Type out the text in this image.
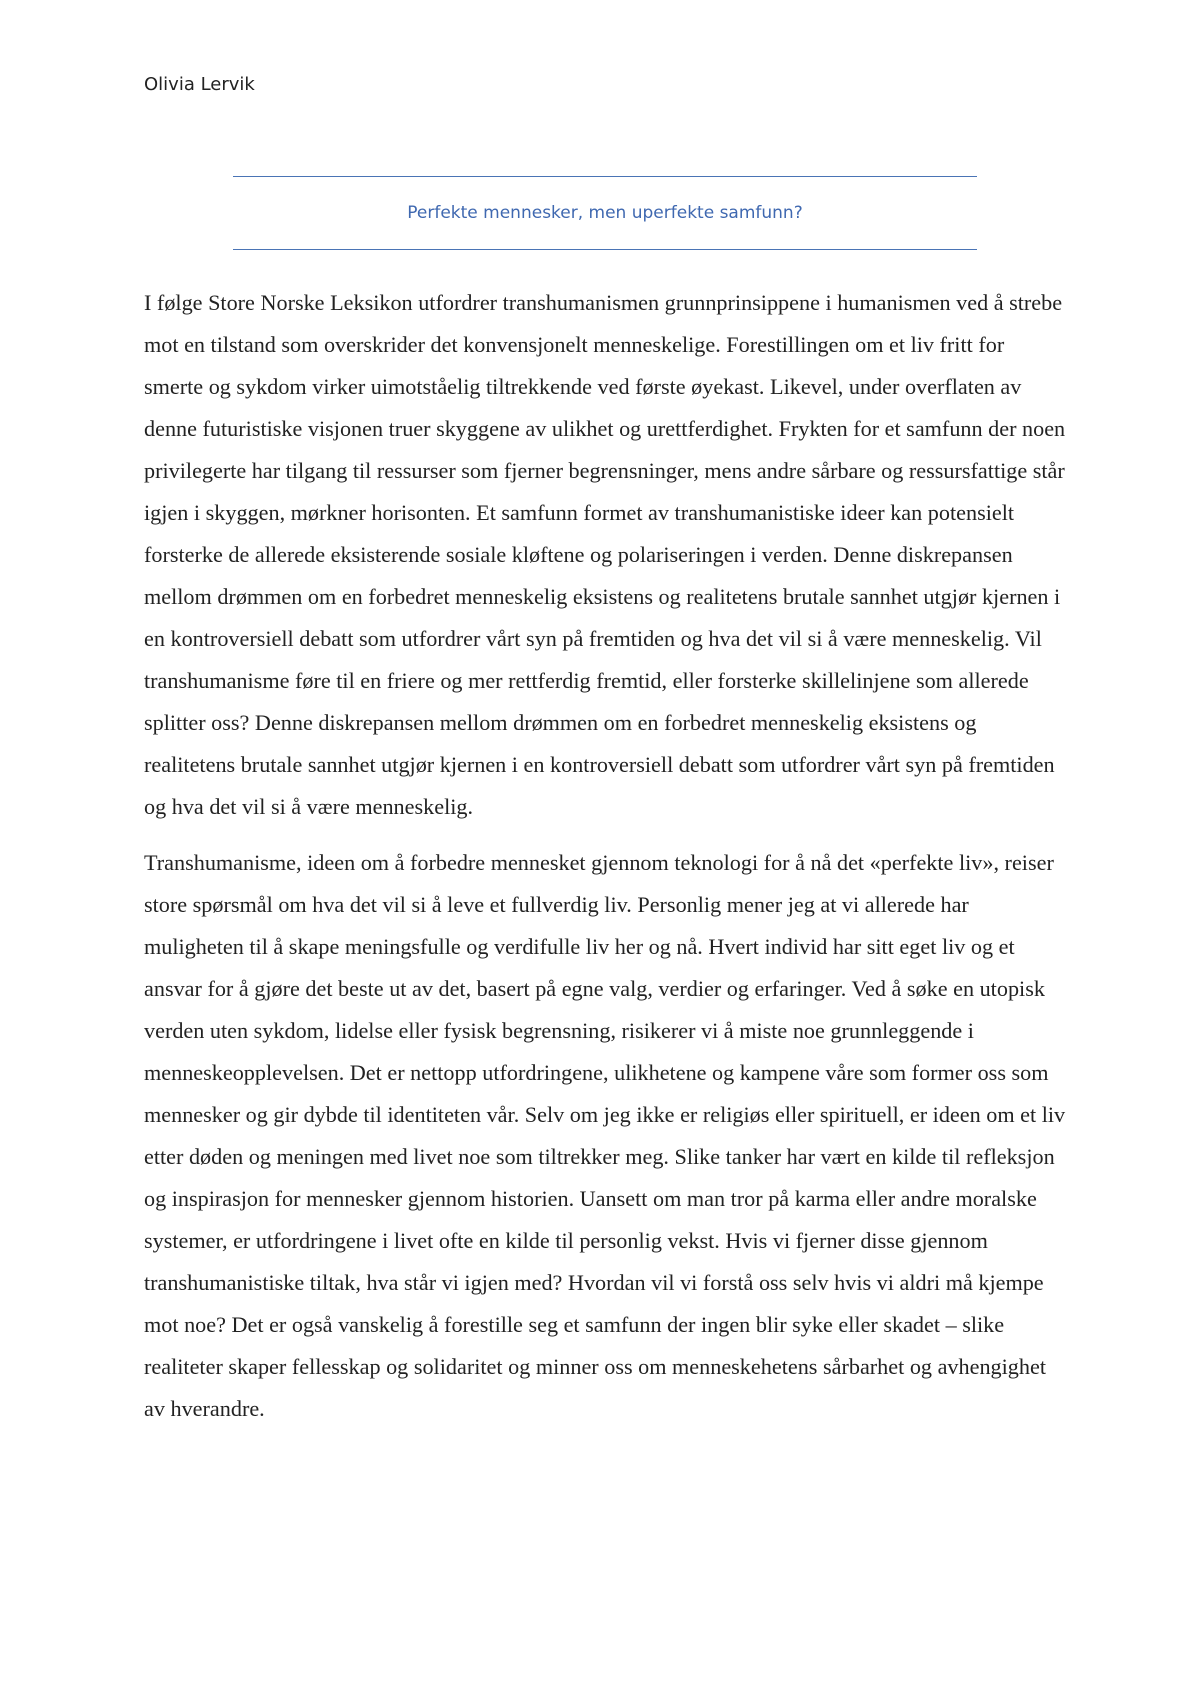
Olivia Lervik
Perfekte mennesker, men uperfekte samfunn?

I følge Store Norske Leksikon utfordrer transhumanismen grunnprinsippene i humanismen ved å strebe mot en tilstand som overskrider det konvensjonelt menneskelige. Forestillingen om et liv fritt for smerte og sykdom virker uimotståelig tiltrekkende ved første øyekast. Likevel, under overflaten av denne futuristiske visjonen truer skyggene av ulikhet og urettferdighet. Frykten for et samfunn der noen privilegerte har tilgang til ressurser som fjerner begrensninger, mens andre sårbare og ressursfattige står igjen i skyggen, mørkner horisonten. Et samfunn formet av transhumanistiske ideer kan potensielt forsterke de allerede eksisterende sosiale kløftene og polariseringen i verden. Denne diskrepansen mellom drømmen om en forbedret menneskelig eksistens og realitetens brutale sannhet utgjør kjernen i en kontroversiell debatt som utfordrer vårt syn på fremtiden og hva det vil si å være menneskelig. Vil transhumanisme føre til en friere og mer rettferdig fremtid, eller forsterke skillelinjene som allerede splitter oss? Denne diskrepansen mellom drømmen om en forbedret menneskelig eksistens og realitetens brutale sannhet utgjør kjernen i en kontroversiell debatt som utfordrer vårt syn på fremtiden og hva det vil si å være menneskelig.

Transhumanisme, ideen om å forbedre mennesket gjennom teknologi for å nå det «perfekte liv», reiser store spørsmål om hva det vil si å leve et fullverdig liv. Personlig mener jeg at vi allerede har muligheten til å skape meningsfulle og verdifulle liv her og nå. Hvert individ har sitt eget liv og et ansvar for å gjøre det beste ut av det, basert på egne valg, verdier og erfaringer. Ved å søke en utopisk verden uten sykdom, lidelse eller fysisk begrensning, risikerer vi å miste noe grunnleggende i menneskeopplevelsen. Det er nettopp utfordringene, ulikhetene og kampene våre som former oss som mennesker og gir dybde til identiteten vår. Selv om jeg ikke er religiøs eller spirituell, er ideen om et liv etter døden og meningen med livet noe som tiltrekker meg. Slike tanker har vært en kilde til refleksjon og inspirasjon for mennesker gjennom historien. Uansett om man tror på karma eller andre moralske systemer, er utfordringene i livet ofte en kilde til personlig vekst. Hvis vi fjerner disse gjennom transhumanistiske tiltak, hva står vi igjen med? Hvordan vil vi forstå oss selv hvis vi aldri må kjempe mot noe? Det er også vanskelig å forestille seg et samfunn der ingen blir syke eller skadet – slike realiteter skaper fellesskap og solidaritet og minner oss om menneskehetens sårbarhet og avhengighet av hverandre.
